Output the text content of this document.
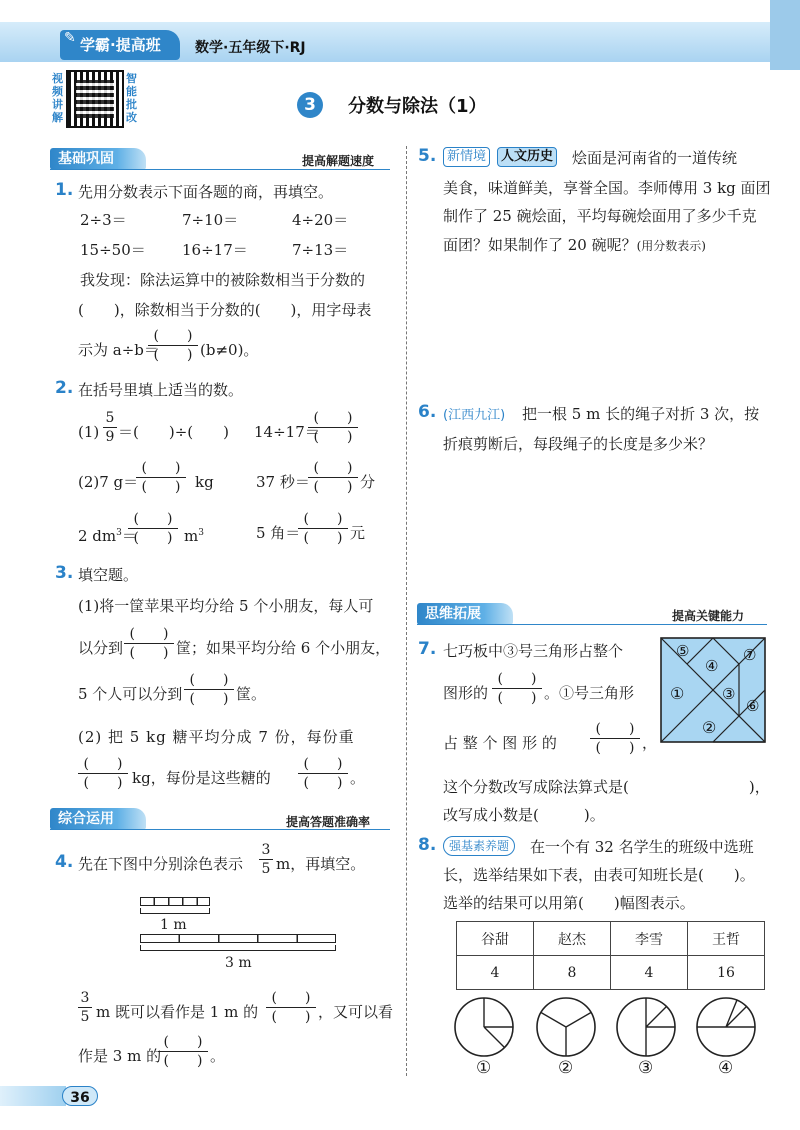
✎ 学霸·提高班 数学·五年级下·RJ
视频讲解
智能批改
3	分数与除法（1）
基础巩固	提高解题速度
1. 先用分数表示下面各题的商，再填空。
2÷3＝	7÷10＝	4÷20＝
15÷50＝ 16÷17＝	7÷13＝
我发现：除法运算中的被除数相当于分数的
(　　)，除数相当于分数的(　　)，用字母表
示为 a÷b＝
(　　)
(　　) (b≠0)。
2. 在括号里填上适当的数。
$(1) \frac{5}{9}$ ＝(　　)÷(　　) 14÷17＝
(　　)
(　　)
(2)7 g＝
(　　)
(　　) kg	37 秒＝
(　　)
(　　) 分
2 $dm^3=$
(　　)
(　　) $m^3$	5 角＝
(　　)
(　　) 元
3. 填空题。
(1)将一筐苹果平均分给 5 个小朋友，每人可
以分到
(　　)
(　　) 筐；如果平均分给 6 个小朋友，
5 个人可以分到
(　　)
(　　) 筐。
(2) 把 5 kg 糖平均分成 7 份，每份重
(　　)
(　　) kg，每份是这些糖的
(　　)
(　　) 。
综合运用	提高答题准确率
4. 先在下图中分别涂色表示 $\frac{3}{5}$ m，再填空。
1 m
3 m
$\frac{3}{5}$ m 既可以看作是 1 m 的
(　　)
(　　) ，又可以看
作是 3 m 的
(　　)
(　　) 。
5. 新情境	人文历史 烩面是河南省的一道传统
美食，味道鲜美，享誉全国。李师傅用 3 kg 面团
制作了 25 碗烩面，平均每碗烩面用了多少千克
面团？如果制作了 20 碗呢？(用分数表示)
6. (江西九江) 把一根 5 m 长的绳子对折 3 次，按
折痕剪断后，每段绳子的长度是多少米？
思维拓展	提高关键能力
7. 七巧板中③号三角形占整个
图形的
(　　)
(　　) 。①号三角形
占 整 个 图 形 的
(　　)
(　　) ，
①
②
③
④
⑤
⑥
⑦
这个分数改写成除法算式是(　　　　　　　　)，
改写成小数是(　　　)。
8.	强基素养题	在一个有 32 名学生的班级中选班
长，选举结果如下表，由表可知班长是(　　)。
选举的结果可以用第(　　)幅图表示。
谷甜	赵杰	李雪	王哲
4	8	4	16
①	②	③	④
36
